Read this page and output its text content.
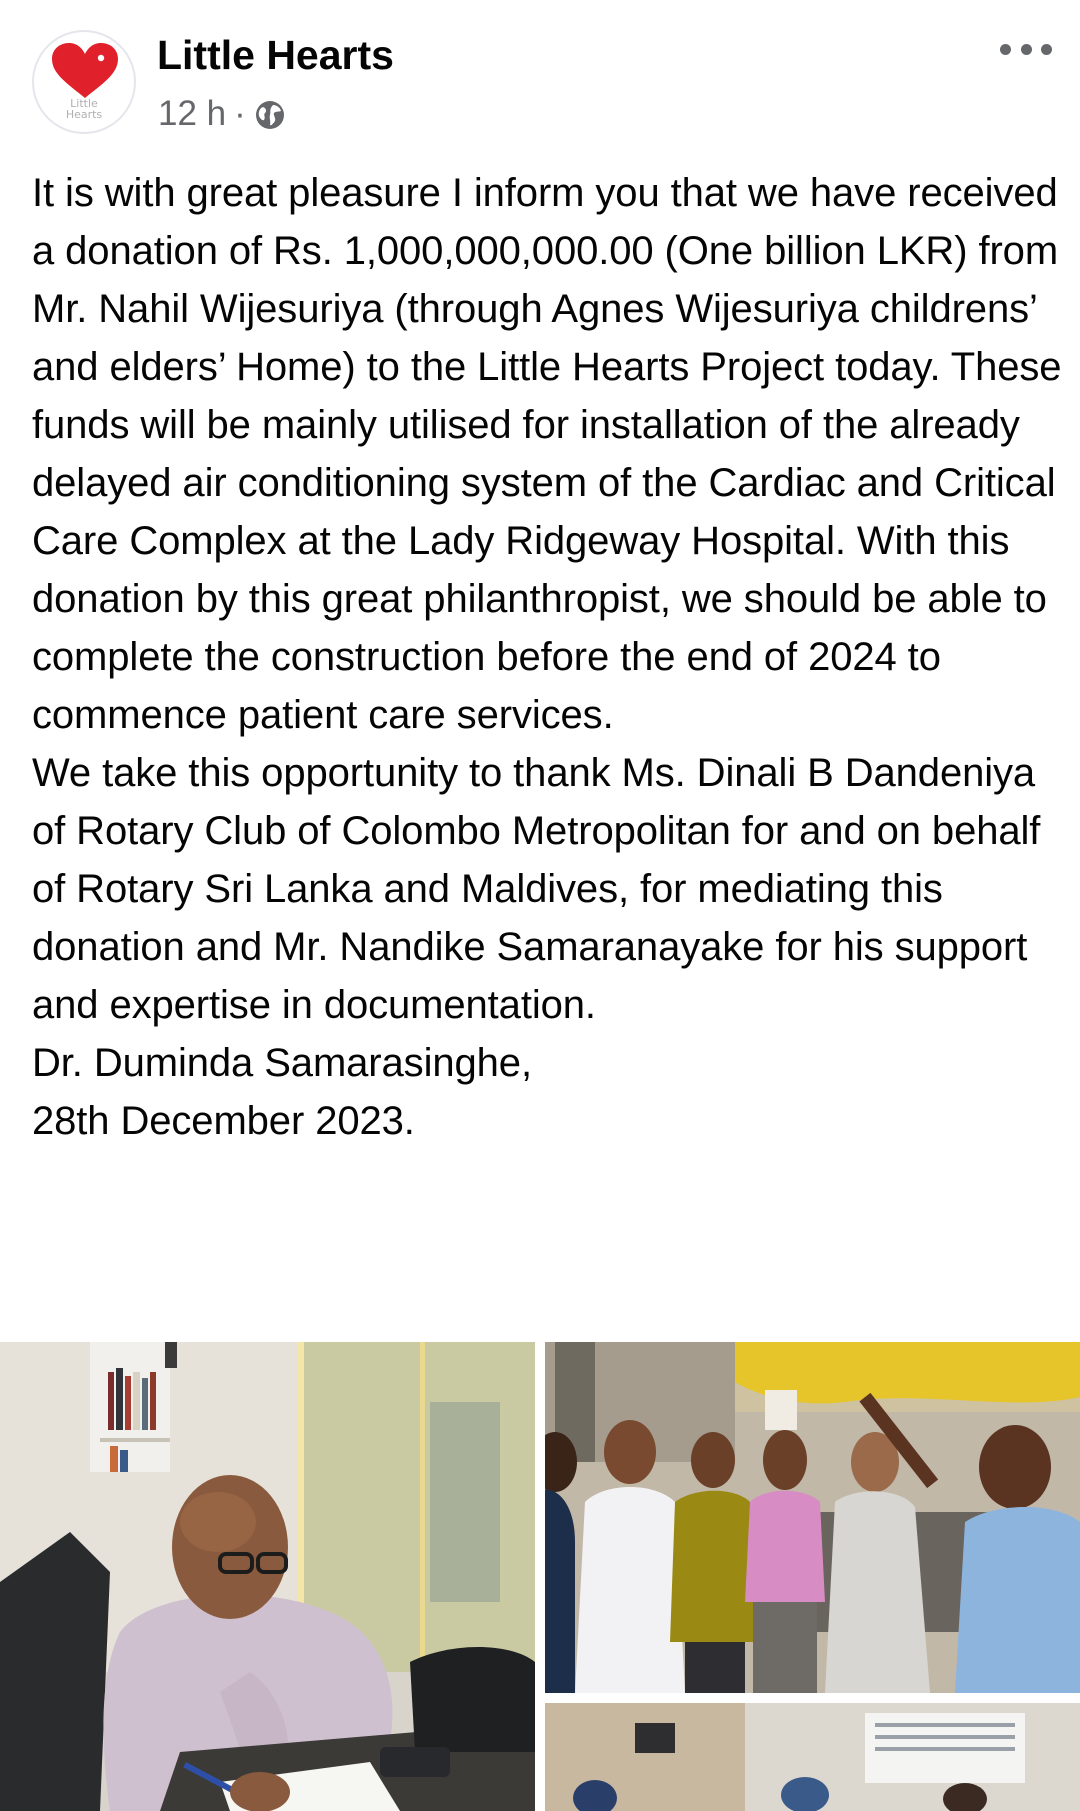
Little
Hearts
Little Hearts
12 h ·

It is with great pleasure I inform you that we have received a donation of Rs. 1,000,000,000.00 (One billion LKR) from Mr. Nahil Wijesuriya (through Agnes Wijesuriya childrens’ and elders’ Home) to the Little Hearts Project today. These funds will be mainly utilised for installation of the already delayed air conditioning system of the Cardiac and Critical Care Complex at the Lady Ridgeway Hospital. With this donation by this great philanthropist, we should be able to complete the construction before the end of 2024 to commence patient care services.

We take this opportunity to thank Ms. Dinali B Dandeniya of Rotary Club of Colombo Metropolitan for and on behalf of Rotary Sri Lanka and Maldives, for mediating this donation and Mr. Nandike Samaranayake for his support and expertise in documentation.

Dr. Duminda Samarasinghe,

28th December 2023.
